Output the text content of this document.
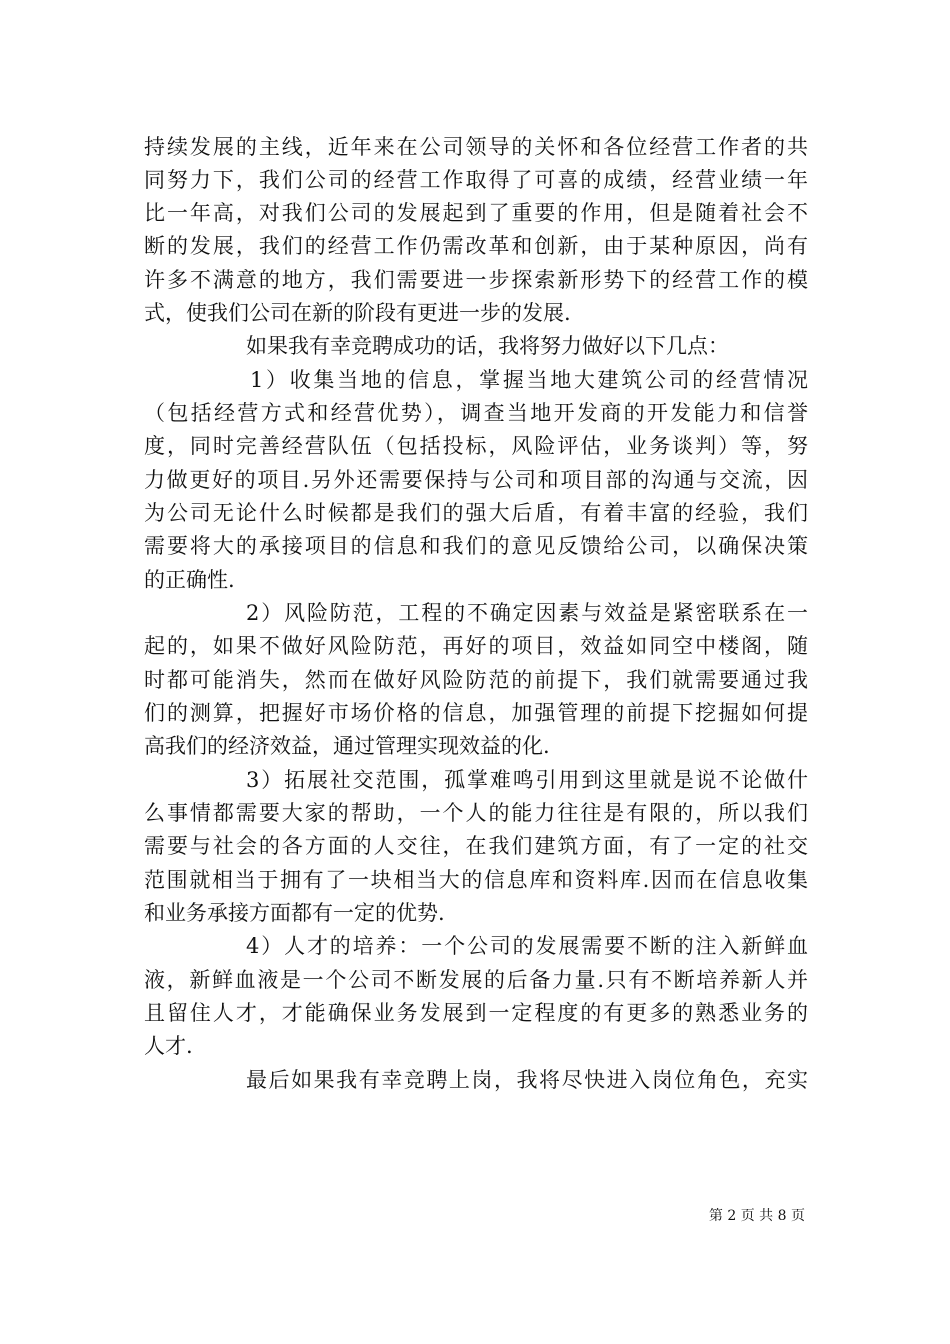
持续发展的主线，近年来在公司领导的关怀和各位经营工作者的共
同努力下，我们公司的经营工作取得了可喜的成绩，经营业绩一年
比一年高，对我们公司的发展起到了重要的作用，但是随着社会不
断的发展，我们的经营工作仍需改革和创新，由于某种原因，尚有
许多不满意的地方，我们需要进一步探索新形势下的经营工作的模
式，使我们公司在新的阶段有更进一步的发展.
如果我有幸竞聘成功的话，我将努力做好以下几点：
1）收集当地的信息，掌握当地大建筑公司的经营情况
（包括经营方式和经营优势），调查当地开发商的开发能力和信誉
度，同时完善经营队伍（包括投标，风险评估，业务谈判）等，努
力做更好的项目.另外还需要保持与公司和项目部的沟通与交流，因
为公司无论什么时候都是我们的强大后盾，有着丰富的经验，我们
需要将大的承接项目的信息和我们的意见反馈给公司，以确保决策
的正确性.
2）风险防范，工程的不确定因素与效益是紧密联系在一
起的，如果不做好风险防范，再好的项目，效益如同空中楼阁，随
时都可能消失，然而在做好风险防范的前提下，我们就需要通过我
们的测算，把握好市场价格的信息，加强管理的前提下挖掘如何提
高我们的经济效益，通过管理实现效益的化.
3）拓展社交范围，孤掌难鸣引用到这里就是说不论做什
么事情都需要大家的帮助，一个人的能力往往是有限的，所以我们
需要与社会的各方面的人交往，在我们建筑方面，有了一定的社交
范围就相当于拥有了一块相当大的信息库和资料库.因而在信息收集
和业务承接方面都有一定的优势.
4）人才的培养：一个公司的发展需要不断的注入新鲜血
液，新鲜血液是一个公司不断发展的后备力量.只有不断培养新人并
且留住人才，才能确保业务发展到一定程度的有更多的熟悉业务的
人才.
最后如果我有幸竞聘上岗，我将尽快进入岗位角色，充实
第 2 页 共 8 页
